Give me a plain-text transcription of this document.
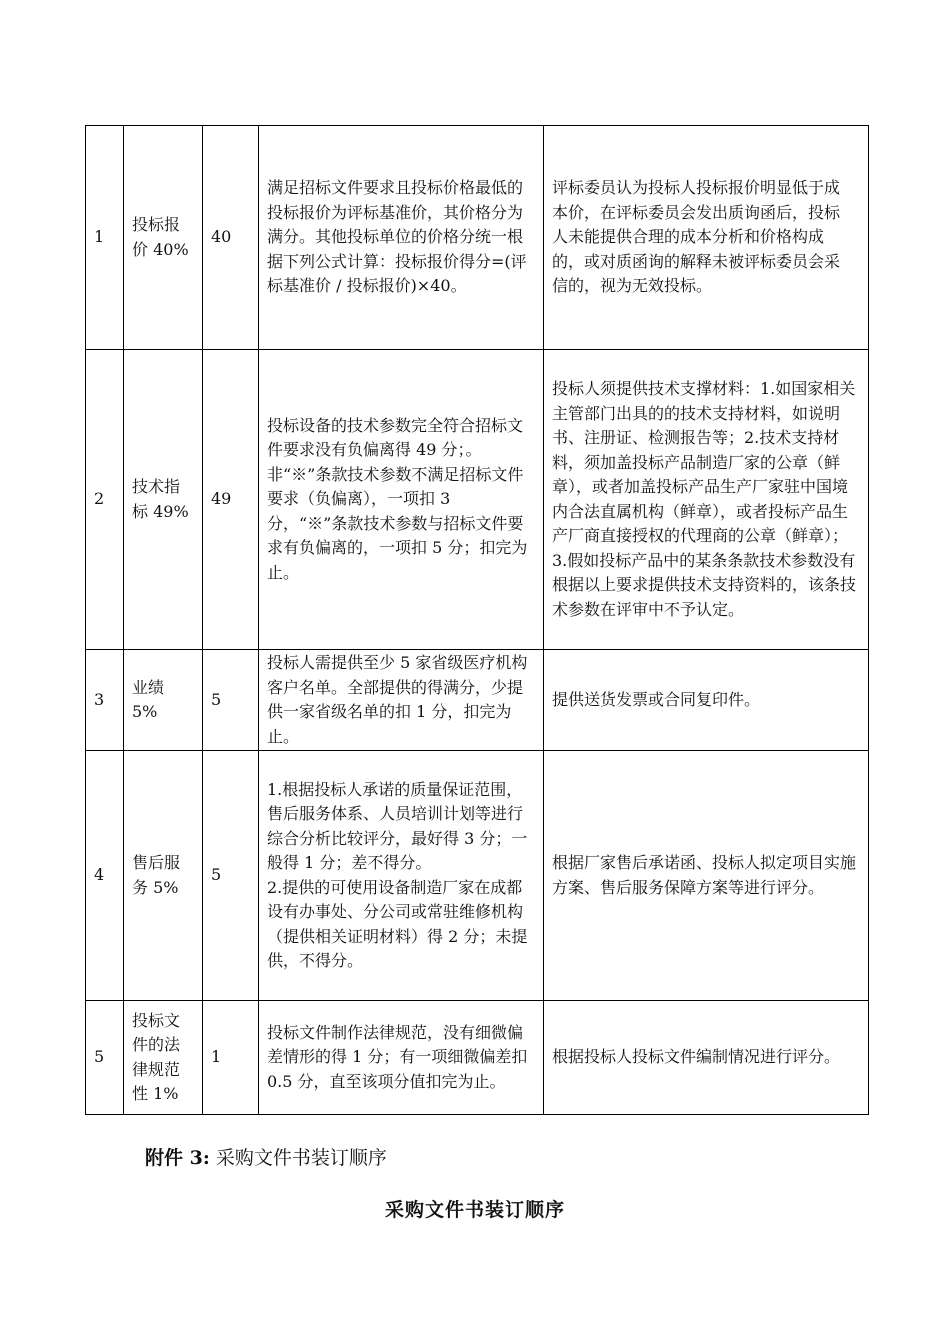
1	投标报价 40%	40	满足招标文件要求且投标价格最低的投标报价为评标基准价，其价格分为满分。其他投标单位的价格分统一根据下列公式计算：投标报价得分=(评标基准价 / 投标报价)×40。	评标委员认为投标人投标报价明显低于成
本价，在评标委员会发出质询函后，投标
人未能提供合理的成本分析和价格构成
的，或对质函询的解释未被评标委员会采
信的，视为无效投标。

2	技术指标 49%	49	投标设备的技术参数完全符合招标文件要求没有负偏离得 49 分；。非“※”条款技术参数不满足招标文件要求（负偏离），一项扣 3 分，“※”条款技术参数与招标文件要求有负偏离的，一项扣 5 分；扣完为止。	投标人须提供技术支撑材料：1.如国家相关主管部门出具的的技术支持材料，如说明书、注册证、检测报告等；2.技术支持材料，须加盖投标产品制造厂家的公章（鲜章），或者加盖投标产品生产厂家驻中国境内合法直属机构（鲜章），或者投标产品生产厂商直接授权的代理商的公章（鲜章）；3.假如投标产品中的某条条款技术参数没有根据以上要求提供技术支持资料的，该条技术参数在评审中不予认定。

3	业绩 5%	5	投标人需提供至少 5 家省级医疗机构客户名单。全部提供的得满分，少提供一家省级名单的扣 1 分，扣完为止。	提供送货发票或合同复印件。

4	售后服务 5%	5	1.根据投标人承诺的质量保证范围，售后服务体系、人员培训计划等进行综合分析比较评分，最好得 3 分；一般得 1 分；差不得分。
2.提供的可使用设备制造厂家在成都设有办事处、分公司或常驻维修机构（提供相关证明材料）得 2 分；未提供，不得分。	根据厂家售后承诺函、投标人拟定项目实施方案、售后服务保障方案等进行评分。

5	投标文件的法律规范性 1%	1	投标文件制作法律规范，没有细微偏差情形的得 1 分；有一项细微偏差扣 0.5 分，直至该项分值扣完为止。	根据投标人投标文件编制情况进行评分。
附件 3: 采购文件书装订顺序
采购文件书装订顺序
